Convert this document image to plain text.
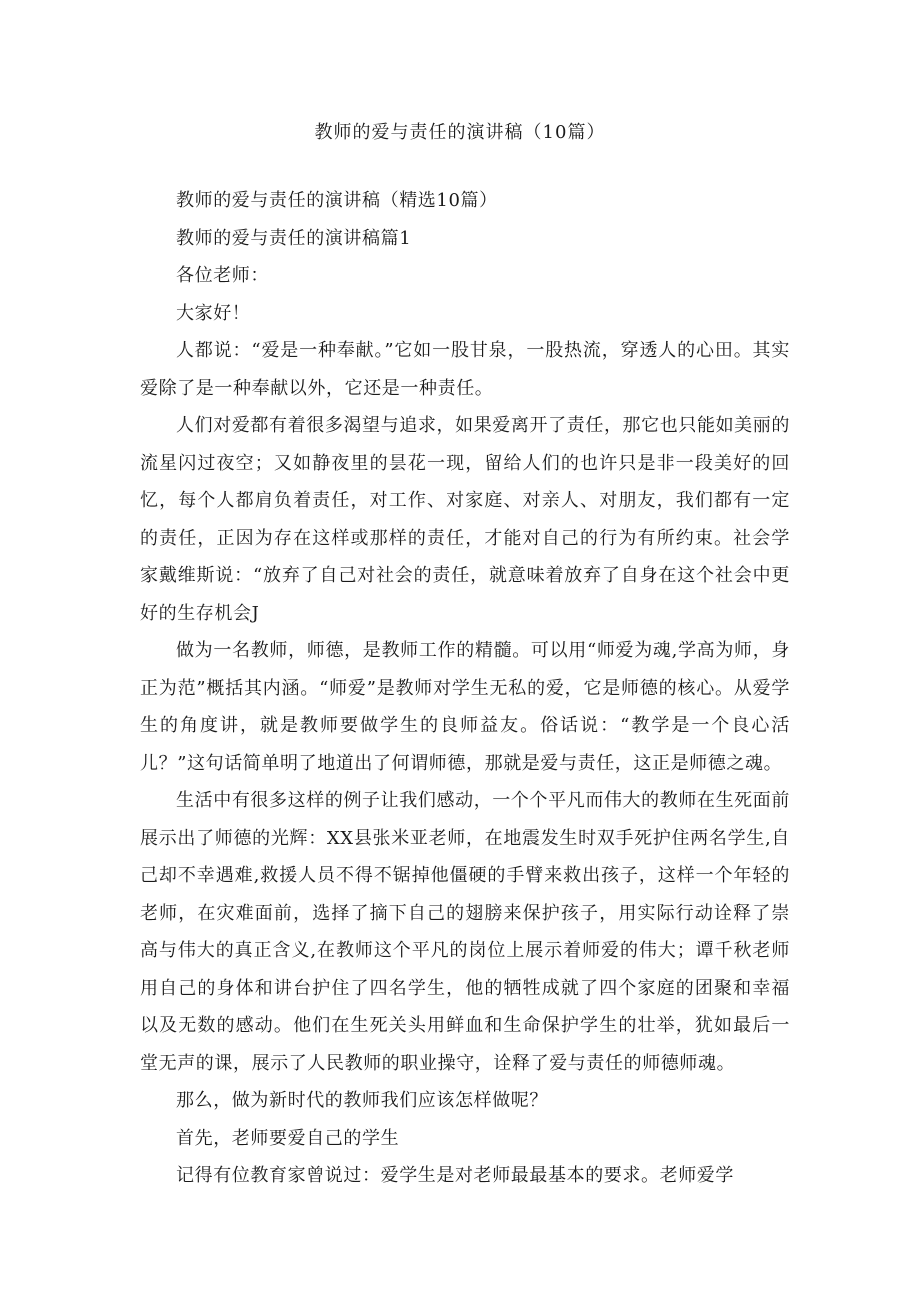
教师的爱与责任的演讲稿（10篇）

教师的爱与责任的演讲稿（精选10篇）

教师的爱与责任的演讲稿篇1

各位老师：

大家好！

人都说：“爱是一种奉献。”它如一股甘泉，一股热流，穿透人的心田。其实爱除了是一种奉献以外，它还是一种责任。

人们对爱都有着很多渴望与追求，如果爱离开了责任，那它也只能如美丽的流星闪过夜空；又如静夜里的昙花一现，留给人们的也许只是非一段美好的回忆，每个人都肩负着责任，对工作、对家庭、对亲人、对朋友，我们都有一定的责任，正因为存在这样或那样的责任，才能对自己的行为有所约束。社会学家戴维斯说：“放弃了自己对社会的责任，就意味着放弃了自身在这个社会中更好的生存机会J

做为一名教师，师德，是教师工作的精髓。可以用“师爱为魂,学高为师，身正为范”概括其内涵。“师爱”是教师对学生无私的爱，它是师德的核心。从爱学生的角度讲，就是教师要做学生的良师益友。俗话说：“教学是一个良心活儿？”这句话简单明了地道出了何谓师德，那就是爱与责任，这正是师德之魂。

生活中有很多这样的例子让我们感动，一个个平凡而伟大的教师在生死面前展示出了师德的光辉：XX县张米亚老师，在地震发生时双手死护住两名学生,自己却不幸遇难,救援人员不得不锯掉他僵硬的手臂来救出孩子，这样一个年轻的老师，在灾难面前，选择了摘下自己的翅膀来保护孩子，用实际行动诠释了崇高与伟大的真正含义,在教师这个平凡的岗位上展示着师爱的伟大；谭千秋老师用自己的身体和讲台护住了四名学生，他的牺牲成就了四个家庭的团聚和幸福以及无数的感动。他们在生死关头用鲜血和生命保护学生的壮举，犹如最后一堂无声的课，展示了人民教师的职业操守，诠释了爱与责任的师德师魂。

那么，做为新时代的教师我们应该怎样做呢？

首先，老师要爱自己的学生

记得有位教育家曾说过：爱学生是对老师最最基本的要求。老师爱学
